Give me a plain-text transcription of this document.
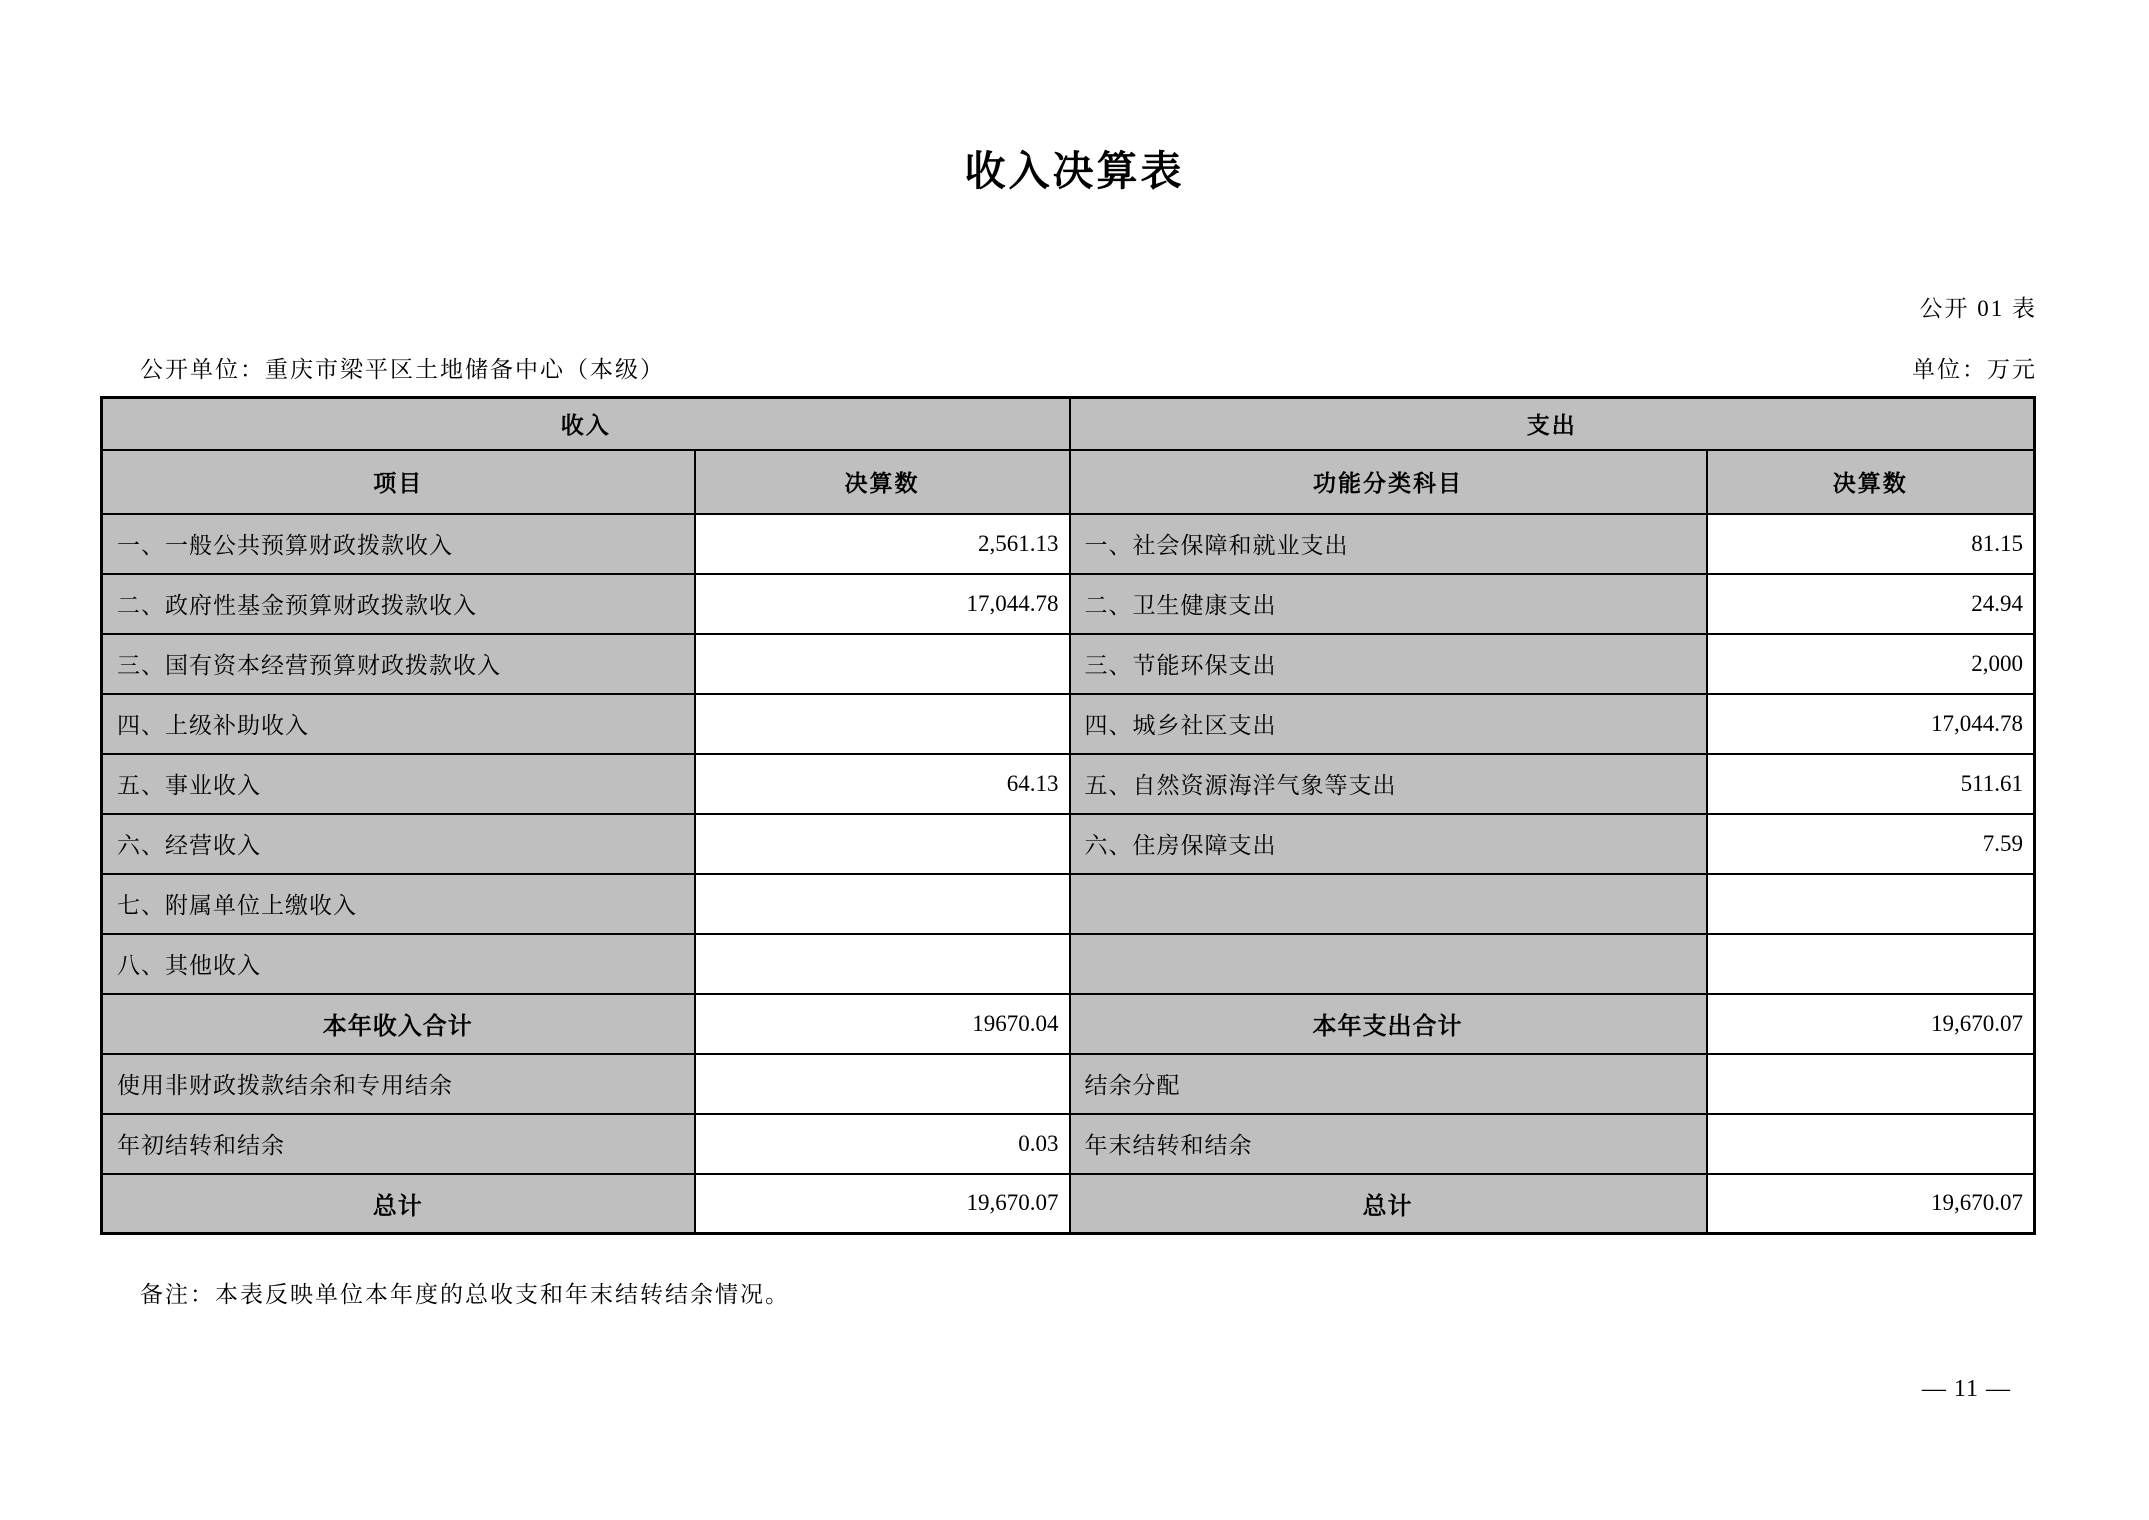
收入决算表
公开 01 表
公开单位：重庆市梁平区土地储备中心（本级）	单位：万元
收入		支出	
项目	决算数	功能分类科目	决算数
一、一般公共预算财政拨款收入	2,561.13	一、社会保障和就业支出	81.15
二、政府性基金预算财政拨款收入	17,044.78	二、卫生健康支出	24.94
三、国有资本经营预算财政拨款收入		三、节能环保支出	2,000
四、上级补助收入		四、城乡社区支出	17,044.78
五、事业收入	64.13	五、自然资源海洋气象等支出	511.61
六、经营收入		六、住房保障支出	7.59
七、附属单位上缴收入			
八、其他收入			
本年收入合计	19670.04	本年支出合计	19,670.07
使用非财政拨款结余和专用结余		结余分配	
年初结转和结余	0.03	年末结转和结余	
总计	19,670.07	总计	19,670.07
备注：本表反映单位本年度的总收支和年末结转结余情况。
— 11 —
